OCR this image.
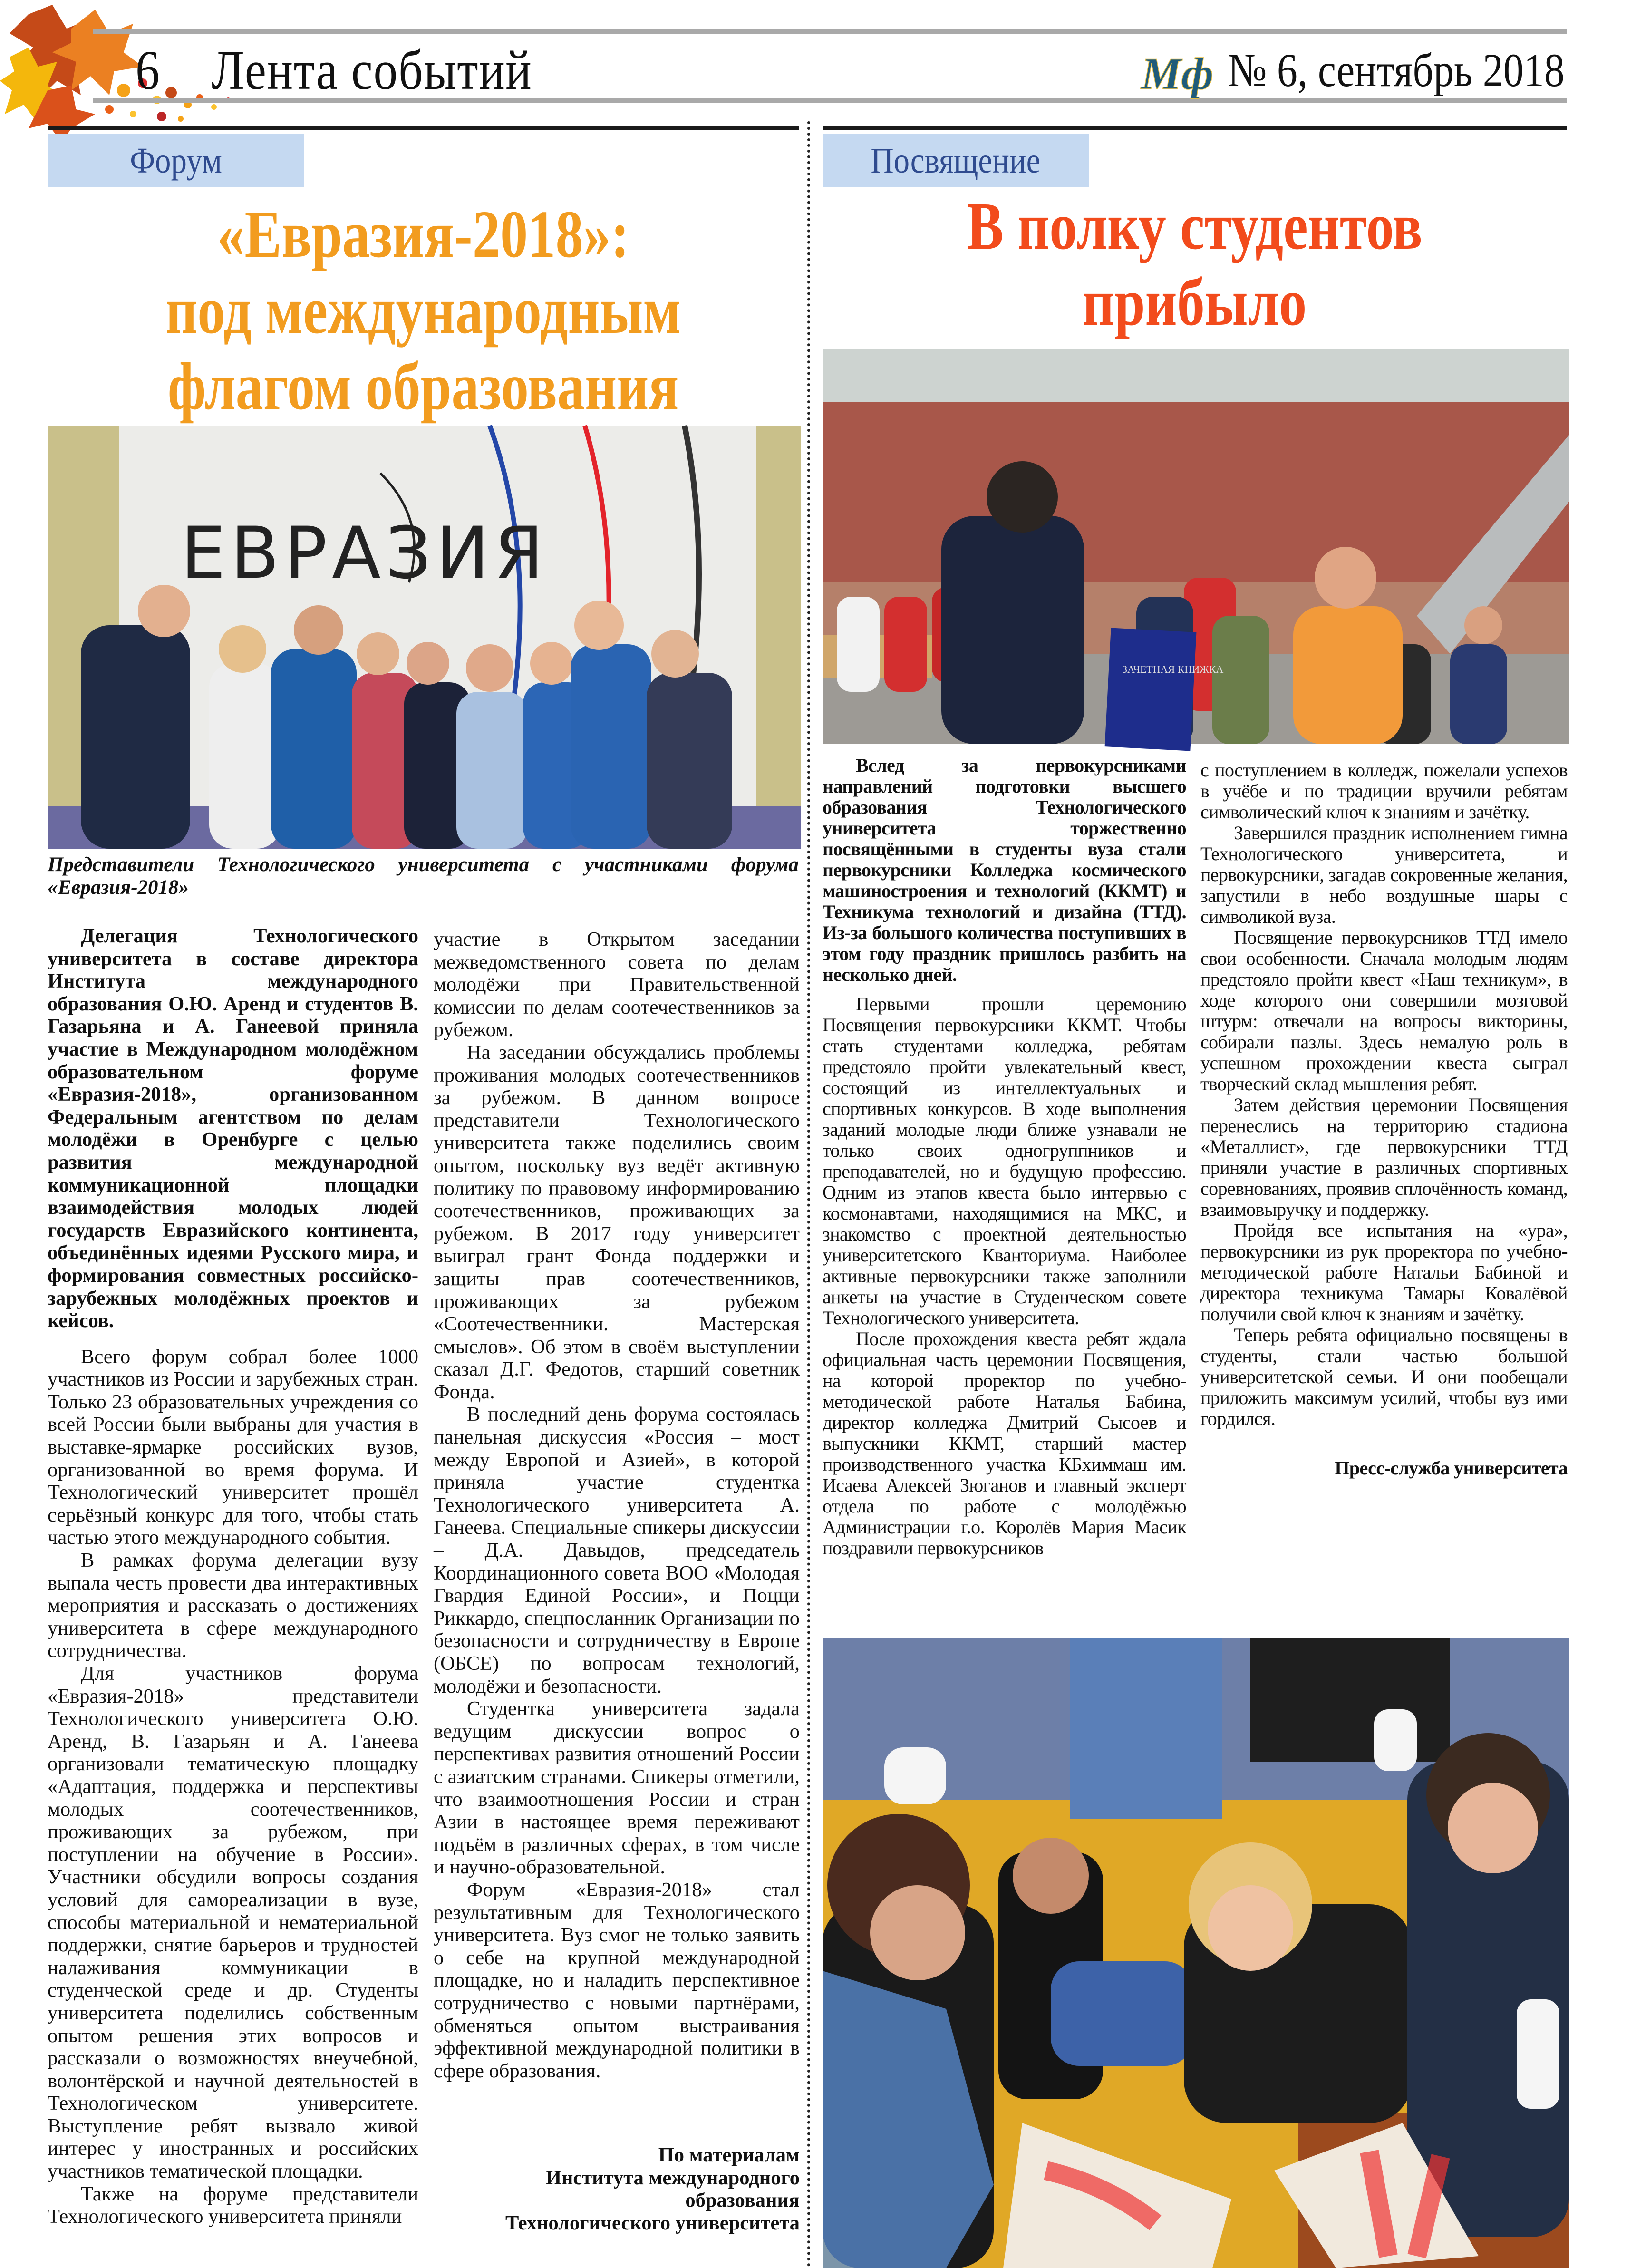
6 Лента событий	Мф № 6, сентябрь 2018
Форум
«Евразия-2018»:
под международным
флагом образования
ЕВРАЗИЯ
Представители Технологического университета с участниками форума «Евразия-2018»

Делегация Технологического университета в составе директора Института международного образования О.Ю. Аренд и студентов В. Газарьяна и А. Ганеевой приняла участие в Международном молодёжном образовательном форуме «Евразия-2018», организованном Федеральным агентством по делам молодёжи в Оренбурге с целью развития международной коммуникационной площадки взаимодействия молодых людей государств Евразийского континента, объединённых идеями Русского мира, и формирования совместных российско-зарубежных молодёжных проектов и кейсов.

Всего форум собрал более 1000 участников из России и зарубежных стран. Только 23 образовательных учреждения со всей России были выбраны для участия в выставке-ярмарке российских вузов, организованной во время форума. И Технологический университет прошёл серьёзный конкурс для того, чтобы стать частью этого международного события.

В рамках форума делегации вузу выпала честь провести два интерактивных мероприятия и рассказать о достижениях университета в сфере международного сотрудничества.

Для участников форума «Евразия-2018» представители Технологического университета О.Ю. Аренд, В. Газарьян и А. Ганеева организовали тематическую площадку «Адаптация, поддержка и перспективы молодых соотечественников, проживающих за рубежом, при поступлении на обучение в России». Участники обсудили вопросы создания условий для самореализации в вузе, способы материальной и нематериальной поддержки, снятие барьеров и трудностей налаживания коммуникации в студенческой среде и др. Студенты университета поделились собственным опытом решения этих вопросов и рассказали о возможностях внеучебной, волонтёрской и научной деятельностей в Технологическом университете. Выступление ребят вызвало живой интерес у иностранных и российских участников тематической площадки.

Также на форуме представители Технологического университета приняли

участие в Открытом заседании межведомственного совета по делам молодёжи при Правительственной комиссии по делам соотечественников за рубежом.

На заседании обсуждались проблемы проживания молодых соотечественников за рубежом. В данном вопросе представители Технологического университета также поделились своим опытом, поскольку вуз ведёт активную политику по правовому информированию соотечественников, проживающих за рубежом. В 2017 году университет выиграл грант Фонда поддержки и защиты прав соотечественников, проживающих за рубежом «Соотечественники. Мастерская смыслов». Об этом в своём выступлении сказал Д.Г. Федотов, старший советник Фонда.

В последний день форума состоялась панельная дискуссия «Россия – мост между Европой и Азией», в которой приняла участие студентка Технологического университета А. Ганеева. Специальные спикеры дискуссии – Д.А. Давыдов, председатель Координационного совета ВОО «Молодая Гвардия Единой России», и Поцци Риккардо, спецпосланник Организации по безопасности и сотрудничеству в Европе (ОБСЕ) по вопросам технологий, молодёжи и безопасности.

Студентка университета задала ведущим дискуссии вопрос о перспективах развития отношений России с азиатским странами. Спикеры отметили, что взаимоотношения России и стран Азии в настоящее время переживают подъём в различных сферах, в том числе и научно-образовательной.

Форум «Евразия-2018» стал результативным для Технологического университета. Вуз смог не только заявить о себе на крупной международной площадке, но и наладить перспективное сотрудничество с новыми партнёрами, обменяться опытом выстраивания эффективной международной политики в сфере образования.

По материалам
Института международного образования
Технологического университета

Посвящение
В полку студентов
прибыло
ЗАЧЕТНАЯ КНИЖКА

Вслед за первокурсниками направлений подготовки высшего образования Технологического университета торжественно посвящёнными в студенты вуза стали первокурсники Колледжа космического машиностроения и технологий (ККМТ) и Техникума технологий и дизайна (ТТД). Из-за большого количества поступивших в этом году праздник пришлось разбить на несколько дней.

Первыми прошли церемонию Посвящения первокурсники ККМТ. Чтобы стать студентами колледжа, ребятам предстояло пройти увлекательный квест, состоящий из интеллектуальных и спортивных конкурсов. В ходе выполнения заданий молодые люди ближе узнавали не только своих одногруппников и преподавателей, но и будущую профессию. Одним из этапов квеста было интервью с космонавтами, находящимися на МКС, и знакомство с проектной деятельностью университетского Кванториума. Наиболее активные первокурсники также заполнили анкеты на участие в Студенческом совете Технологического университета.

После прохождения квеста ребят ждала официальная часть церемонии Посвящения, на которой проректор по учебно-методической работе Наталья Бабина, директор колледжа Дмитрий Сысоев и выпускники ККМТ, старший мастер производственного участка КБхиммаш им. Исаева Алексей Зюганов и главный эксперт отдела по работе с молодёжью Администрации г.о. Королёв Мария Масик поздравили первокурсников

с поступлением в колледж, пожелали успехов в учёбе и по традиции вручили ребятам символический ключ к знаниям и зачётку.

Завершился праздник исполнением гимна Технологического университета, и первокурсники, загадав сокровенные желания, запустили в небо воздушные шары с символикой вуза.

Посвящение первокурсников ТТД имело свои особенности. Сначала молодым людям предстояло пройти квест «Наш техникум», в ходе которого они совершили мозговой штурм: отвечали на вопросы викторины, собирали пазлы. Здесь немалую роль в успешном прохождении квеста сыграл творческий склад мышления ребят.

Затем действия церемонии Посвящения перенеслись на территорию стадиона «Металлист», где первокурсники ТТД приняли участие в различных спортивных соревнованиях, проявив сплочённость команд, взаимовыручку и поддержку.

Пройдя все испытания на «ура», первокурсники из рук проректора по учебно-методической работе Натальи Бабиной и директора техникума Тамары Ковалёвой получили свой ключ к знаниям и зачётку.

Теперь ребята официально посвящены в студенты, стали частью большой университетской семьи. И они пообещали приложить максимум усилий, чтобы вуз ими гордился.

Пресс-служба университета
